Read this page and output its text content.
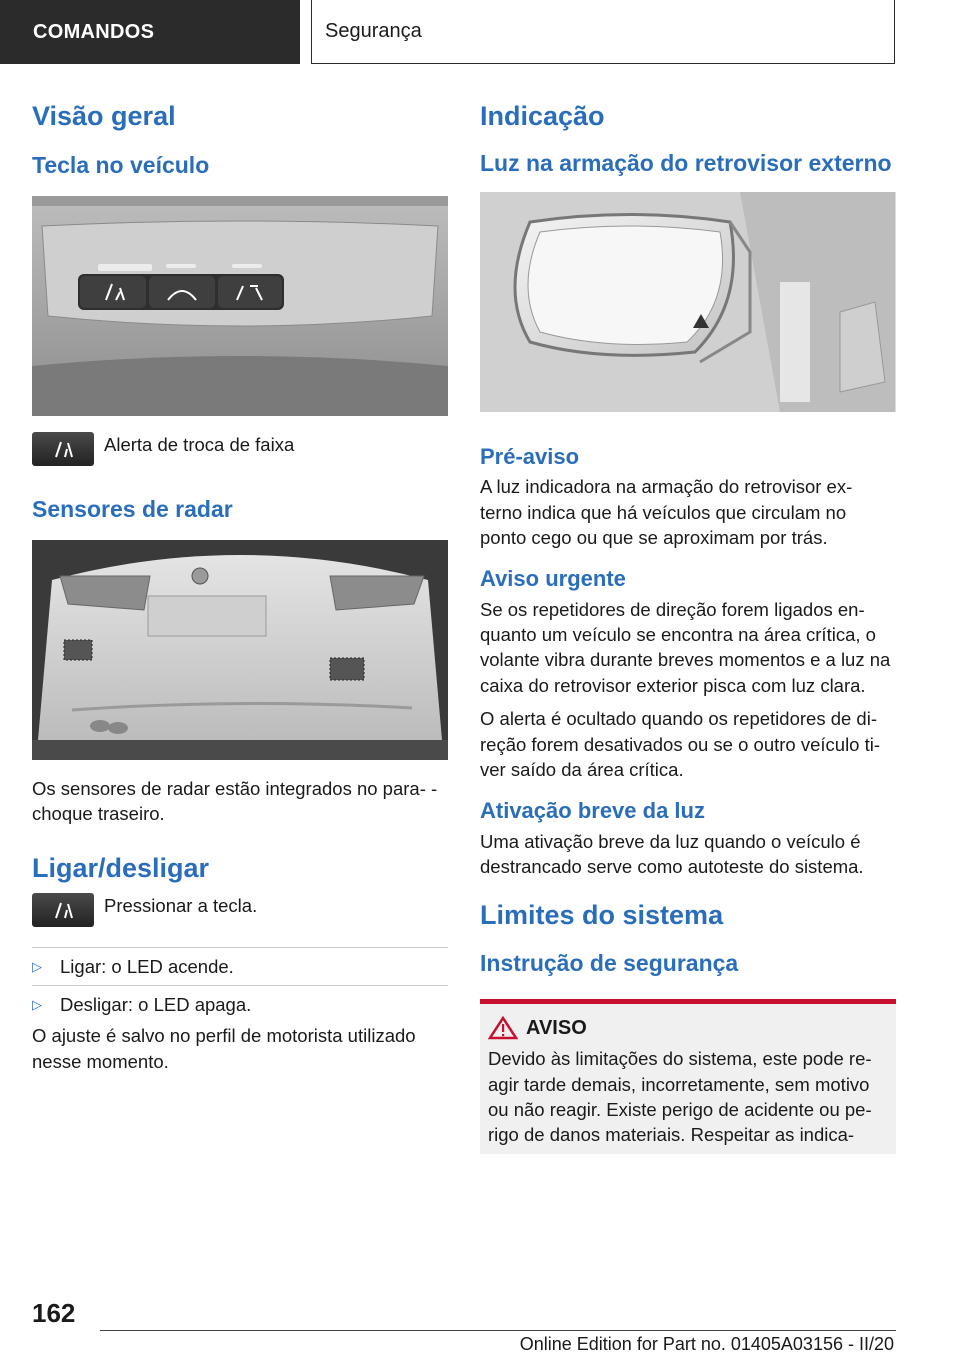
COMANDOS	Segurança
Visão geral
Tecla no veículo

Alerta de troca de faixa

Sensores de radar

Os sensores de radar estão integrados no para- -choque traseiro.

Ligar/desligar

Pressionar a tecla.

▷ Ligar: o LED acende.
▷ Desligar: o LED apaga.

O ajuste é salvo no perfil de motorista utilizado nesse momento.

Indicação
Luz na armação do retrovisor externo
Pré-aviso

A luz indicadora na armação do retrovisor ex- terno indica que há veículos que circulam no ponto cego ou que se aproximam por trás.

Aviso urgente

Se os repetidores de direção forem ligados en- quanto um veículo se encontra na área crítica, o volante vibra durante breves momentos e a luz na caixa do retrovisor exterior pisca com luz clara.

O alerta é ocultado quando os repetidores de di- reção forem desativados ou se o outro veículo ti- ver saído da área crítica.

Ativação breve da luz

Uma ativação breve da luz quando o veículo é destrancado serve como autoteste do sistema.

Limites do sistema
Instrução de segurança
AVISO

Devido às limitações do sistema, este pode re- agir tarde demais, incorretamente, sem motivo ou não reagir. Existe perigo de acidente ou pe- rigo de danos materiais. Respeitar as indica-

162
Online Edition for Part no. 01405A03156 - II/20
